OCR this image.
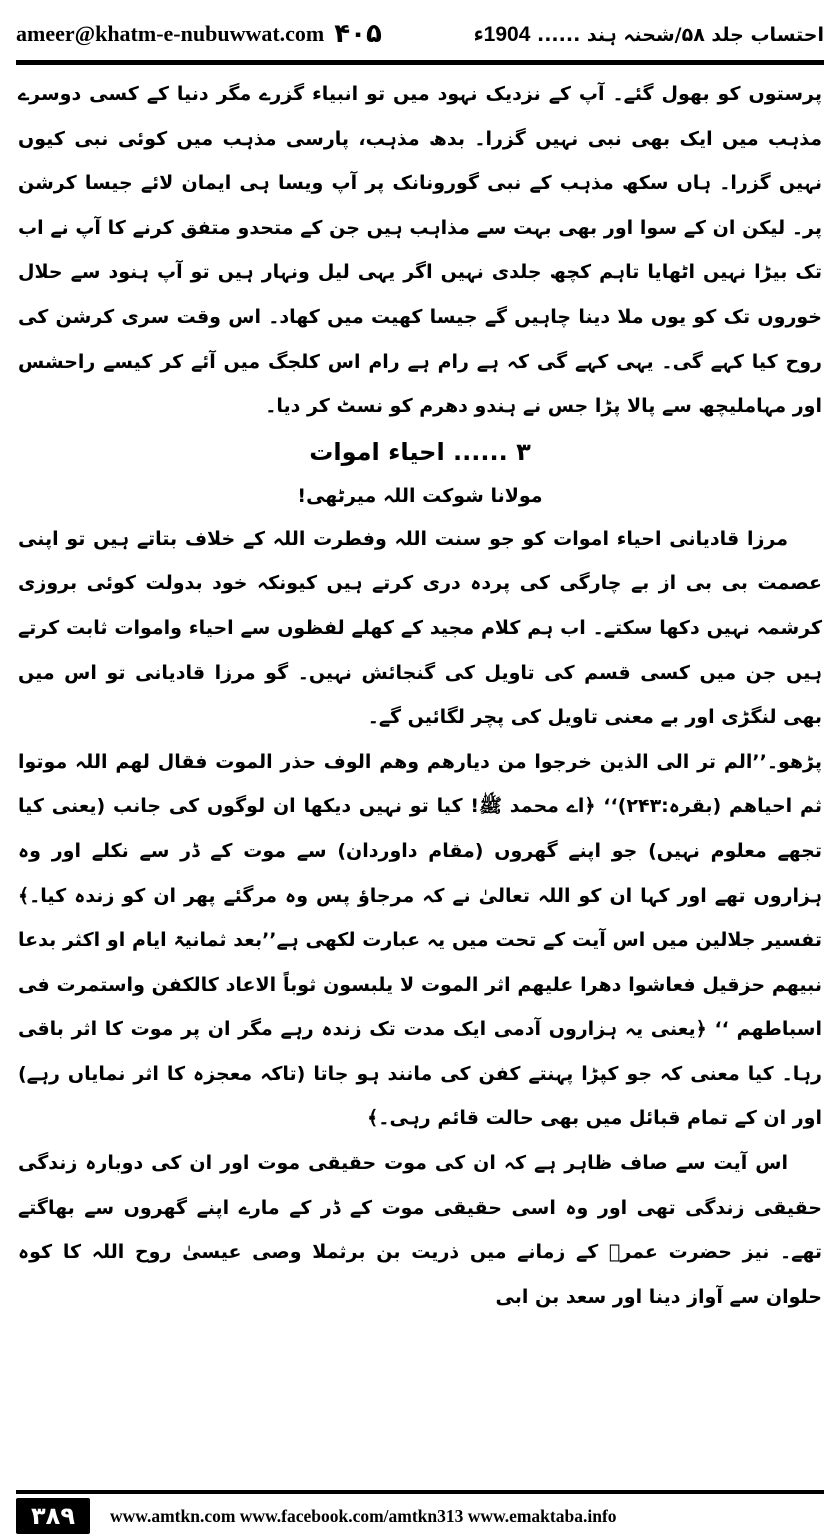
ameer@khatm-e-nubuwwat.com ۴۰۵	احتساب جلد ۵۸/شحنہ ہند ...... 1904ء

پرستوں کو بھول گئے۔ آپ کے نزدیک نہود میں تو انبیاء گزرے مگر دنیا کے کسی دوسرے مذہب میں ایک بھی نبی نہیں گزرا۔ بدھ مذہب، پارسی مذہب میں کوئی نبی کیوں نہیں گزرا۔ ہاں سکھ مذہب کے نبی گورونانک پر آپ ویسا ہی ایمان لائے جیسا کرشن پر۔ لیکن ان کے سوا اور بھی بہت سے مذاہب ہیں جن کے متحدو متفق کرنے کا آپ نے اب تک بیڑا نہیں اٹھایا تاہم کچھ جلدی نہیں اگر یہی لیل ونہار ہیں تو آپ ہنود سے حلال خوروں تک کو یوں ملا دینا چاہیں گے جیسا کھیت میں کھاد۔ اس وقت سری کرشن کی روح کیا کہے گی۔ یہی کہے گی کہ ہے رام ہے رام اس کلجگ میں آئے کر کیسے راحشس اور مہاملیچھ سے پالا پڑا جس نے ہندو دھرم کو نسٹ کر دیا۔

۳ ...... احیاء اموات

مولانا شوکت اللہ میرٹھی!

مرزا قادیانی احیاء اموات کو جو سنت اللہ وفطرت اللہ کے خلاف بتاتے ہیں تو اپنی عصمت بی بی از بے چارگی کی پردہ دری کرتے ہیں کیونکہ خود بدولت کوئی بروزی کرشمہ نہیں دکھا سکتے۔ اب ہم کلام مجید کے کھلے لفظوں سے احیاء واموات ثابت کرتے ہیں جن میں کسی قسم کی تاویل کی گنجائش نہیں۔ گو مرزا قادیانی تو اس میں بھی لنگڑی اور بے معنی تاویل کی پچر لگائیں گے۔

پڑھو۔’’الم تر الی الذین خرجوا من دیارھم وھم الوف حذر الموت فقال لھم اللہ موتوا ثم احیاھم (بقرہ:۲۴۳)‘‘ ﴿اے محمد ﷺ! کیا تو نہیں دیکھا ان لوگوں کی جانب (یعنی کیا تجھے معلوم نہیں) جو اپنے گھروں (مقام داوردان) سے موت کے ڈر سے نکلے اور وہ ہزاروں تھے اور کہا ان کو اللہ تعالیٰ نے کہ مرجاؤ پس وہ مرگئے پھر ان کو زندہ کیا۔﴾ تفسیر جلالین میں اس آیت کے تحت میں یہ عبارت لکھی ہے’’بعد ثمانیۃ ایام او اکثر بدعا نبیھم حزقیل فعاشوا دھرا علیھم اثر الموت لا یلبسون ثوباً الاعاد کالکفن واستمرت فی اسباطھم ‘‘ ﴿یعنی یہ ہزاروں آدمی ایک مدت تک زندہ رہے مگر ان پر موت کا اثر باقی رہا۔ کیا معنی کہ جو کپڑا پہنتے کفن کی مانند ہو جاتا (تاکہ معجزہ کا اثر نمایاں رہے) اور ان کے تمام قبائل میں بھی حالت قائم رہی۔﴾

اس آیت سے صاف ظاہر ہے کہ ان کی موت حقیقی موت اور ان کی دوبارہ زندگی حقیقی زندگی تھی اور وہ اسی حقیقی موت کے ڈر کے مارے اپنے گھروں سے بھاگتے تھے۔ نیز حضرت عمرؓ کے زمانے میں ذریت بن برثملا وصی عیسیٰ روح اللہ کا کوہ حلوان سے آواز دینا اور سعد بن ابی

۳۸۹	www.amtkn.com www.facebook.com/amtkn313 www.emaktaba.info
